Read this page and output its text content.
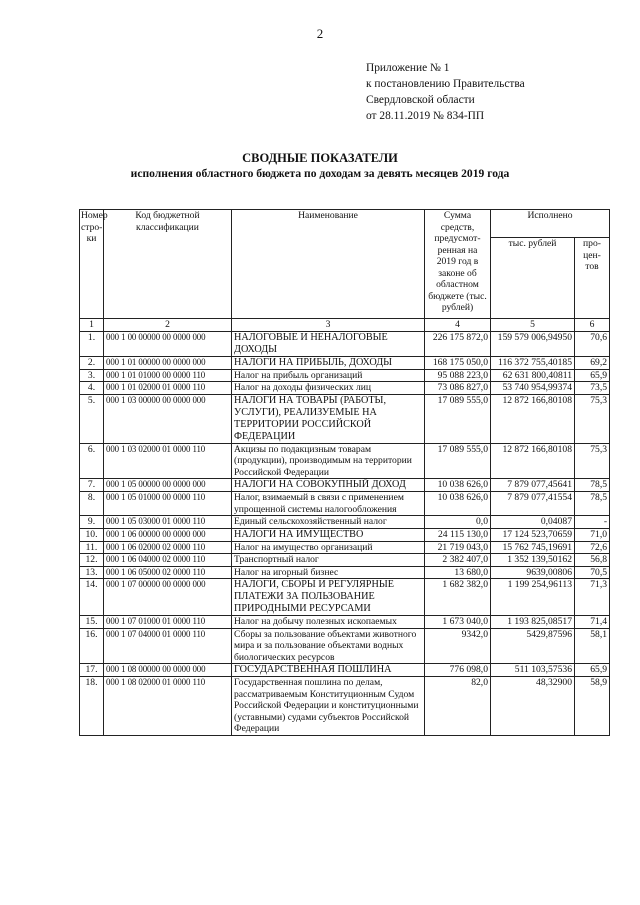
2
Приложение № 1
к постановлению Правительства
Свердловской области
от 28.11.2019 № 834-ПП
СВОДНЫЕ ПОКАЗАТЕЛИ
исполнения областного бюджета по доходам за девять месяцев 2019 года
Номер стро-ки	Код бюджетной классификации	Наименование	Сумма средств, предусмот-ренная на 2019 год в законе об областном бюджете (тыс. рублей)	Исполнено	
				тыс. рублей	про-цен-тов
1	2	3	4	5	6
1.	000 1 00 00000 00 0000 000	НАЛОГОВЫЕ И НЕНАЛОГОВЫЕ ДОХОДЫ	226 175 872,0	159 579 006,94950	70,6
2.	000 1 01 00000 00 0000 000	НАЛОГИ НА ПРИБЫЛЬ, ДОХОДЫ	168 175 050,0	116 372 755,40185	69,2
3.	000 1 01 01000 00 0000 110	Налог на прибыль организаций	95 088 223,0	62 631 800,40811	65,9
4.	000 1 01 02000 01 0000 110	Налог на доходы физических лиц	73 086 827,0	53 740 954,99374	73,5
5.	000 1 03 00000 00 0000 000	НАЛОГИ НА ТОВАРЫ (РАБОТЫ, УСЛУГИ), РЕАЛИЗУЕМЫЕ НА ТЕРРИТОРИИ РОССИЙСКОЙ ФЕДЕРАЦИИ	17 089 555,0	12 872 166,80108	75,3
6.	000 1 03 02000 01 0000 110	Акцизы по подакцизным товарам (продукции), производимым на территории Российской Федерации	17 089 555,0	12 872 166,80108	75,3
7.	000 1 05 00000 00 0000 000	НАЛОГИ НА СОВОКУПНЫЙ ДОХОД	10 038 626,0	7 879 077,45641	78,5
8.	000 1 05 01000 00 0000 110	Налог, взимаемый в связи с применением упрощенной системы налогообложения	10 038 626,0	7 879 077,41554	78,5
9.	000 1 05 03000 01 0000 110	Единый сельскохозяйственный налог	0,0	0,04087	-
10.	000 1 06 00000 00 0000 000	НАЛОГИ НА ИМУЩЕСТВО	24 115 130,0	17 124 523,70659	71,0
11.	000 1 06 02000 02 0000 110	Налог на имущество организаций	21 719 043,0	15 762 745,19691	72,6
12.	000 1 06 04000 02 0000 110	Транспортный налог	2 382 407,0	1 352 139,50162	56,8
13.	000 1 06 05000 02 0000 110	Налог на игорный бизнес	13 680,0	9639,00806	70,5
14.	000 1 07 00000 00 0000 000	НАЛОГИ, СБОРЫ И РЕГУЛЯРНЫЕ ПЛАТЕЖИ ЗА ПОЛЬЗОВАНИЕ ПРИРОДНЫМИ РЕСУРСАМИ	1 682 382,0	1 199 254,96113	71,3
15.	000 1 07 01000 01 0000 110	Налог на добычу полезных ископаемых	1 673 040,0	1 193 825,08517	71,4
16.	000 1 07 04000 01 0000 110	Сборы за пользование объектами животного мира и за пользование объектами водных биологических ресурсов	9342,0	5429,87596	58,1
17.	000 1 08 00000 00 0000 000	ГОСУДАРСТВЕННАЯ ПОШЛИНА	776 098,0	511 103,57536	65,9
18.	000 1 08 02000 01 0000 110	Государственная пошлина по делам, рассматриваемым Конституционным Судом Российской Федерации и конституционными (уставными) судами субъектов Российской Федерации	82,0	48,32900	58,9
